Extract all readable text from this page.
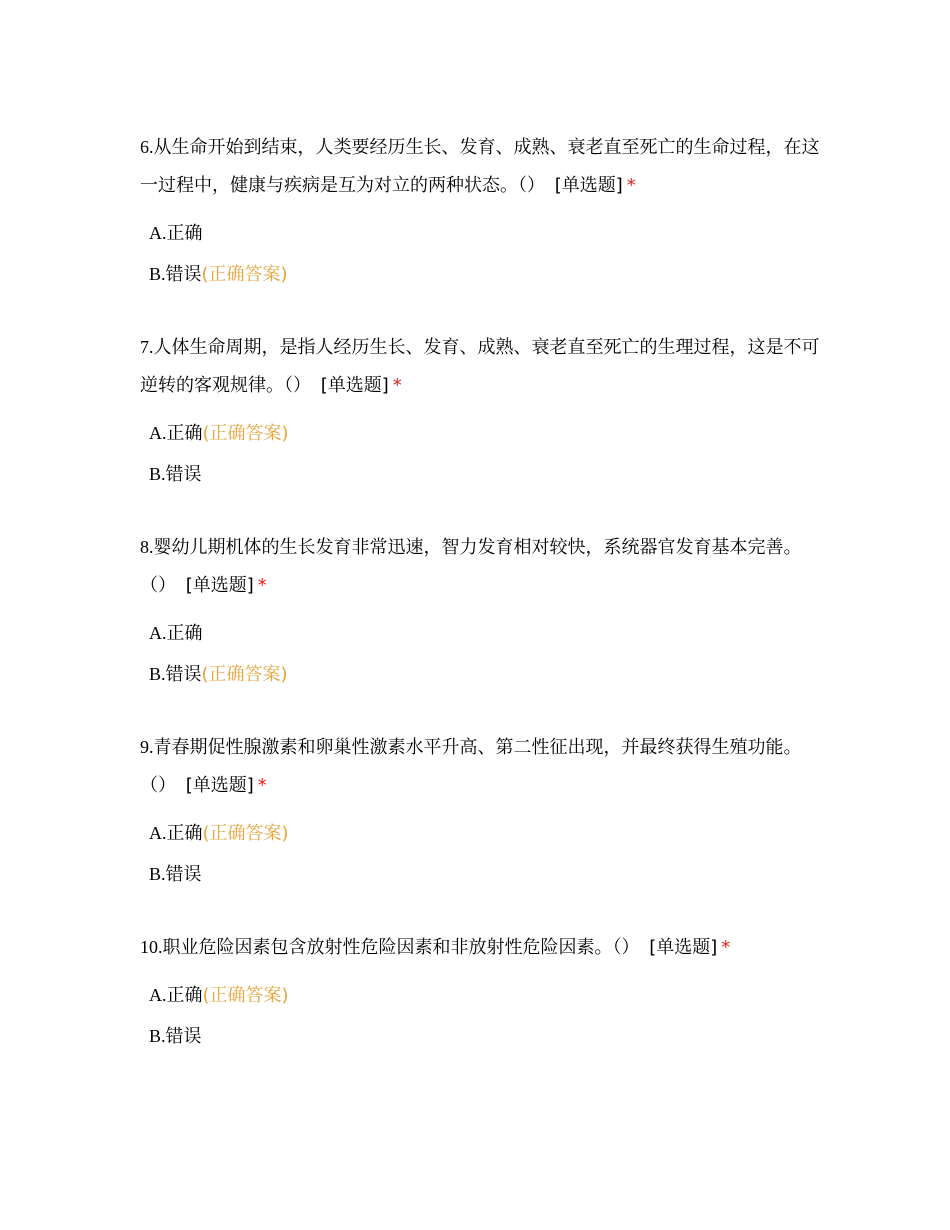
6.从生命开始到结束，人类要经历生长、发育、成熟、衰老直至死亡的生命过程，在这一过程中，健康与疾病是互为对立的两种状态。（） [单选题] *

A.正确
B.错误(正确答案)

7.人体生命周期，是指人经历生长、发育、成熟、衰老直至死亡的生理过程，这是不可逆转的客观规律。（） [单选题] *

A.正确(正确答案)
B.错误

8.婴幼儿期机体的生长发育非常迅速，智力发育相对较快，系统器官发育基本完善。（） [单选题] *

A.正确
B.错误(正确答案)

9.青春期促性腺激素和卵巢性激素水平升高、第二性征出现，并最终获得生殖功能。（） [单选题] *

A.正确(正确答案)
B.错误

10.职业危险因素包含放射性危险因素和非放射性危险因素。（） [单选题] *

A.正确(正确答案)
B.错误
